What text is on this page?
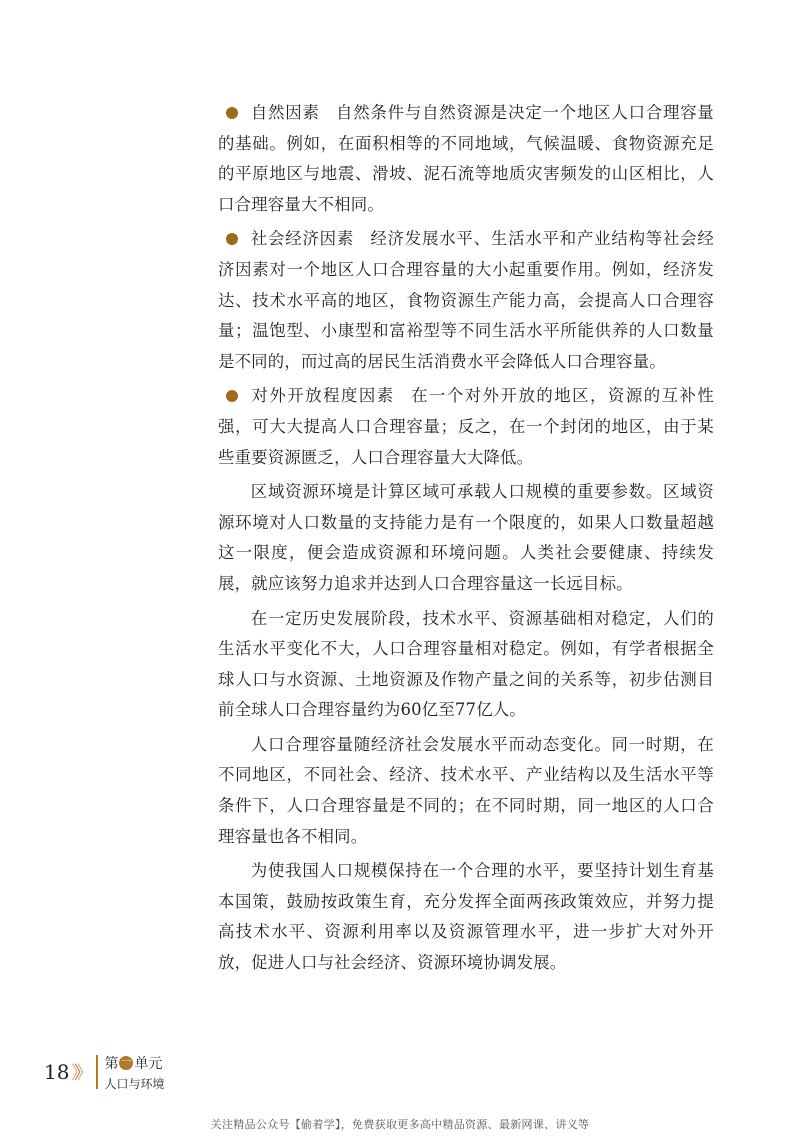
自然因素 自然条件与自然资源是决定一个地区人口合理容量的基础。例如，在面积相等的不同地域，气候温暖、食物资源充足的平原地区与地震、滑坡、泥石流等地质灾害频发的山区相比，人口合理容量大不相同。

社会经济因素 经济发展水平、生活水平和产业结构等社会经济因素对一个地区人口合理容量的大小起重要作用。例如，经济发达、技术水平高的地区，食物资源生产能力高，会提高人口合理容量；温饱型、小康型和富裕型等不同生活水平所能供养的人口数量是不同的，而过高的居民生活消费水平会降低人口合理容量。

对外开放程度因素 在一个对外开放的地区，资源的互补性强，可大大提高人口合理容量；反之，在一个封闭的地区，由于某些重要资源匮乏，人口合理容量大大降低。

区域资源环境是计算区域可承载人口规模的重要参数。区域资源环境对人口数量的支持能力是有一个限度的，如果人口数量超越这一限度，便会造成资源和环境问题。人类社会要健康、持续发展，就应该努力追求并达到人口合理容量这一长远目标。

在一定历史发展阶段，技术水平、资源基础相对稳定，人们的生活水平变化不大，人口合理容量相对稳定。例如，有学者根据全球人口与水资源、土地资源及作物产量之间的关系等，初步估测目前全球人口合理容量约为60亿至77亿人。

人口合理容量随经济社会发展水平而动态变化。同一时期，在不同地区，不同社会、经济、技术水平、产业结构以及生活水平等条件下，人口合理容量是不同的；在不同时期，同一地区的人口合理容量也各不相同。

为使我国人口规模保持在一个合理的水平，要坚持计划生育基本国策，鼓励按政策生育，充分发挥全面两孩政策效应，并努力提高技术水平、资源利用率以及资源管理水平，进一步扩大对外开放，促进人口与社会经济、资源环境协调发展。

18 》》 第 一 单元
人口与环境
关注精品公众号【偷着学】，免费获取更多高中精品资源、最新网课、讲义等
